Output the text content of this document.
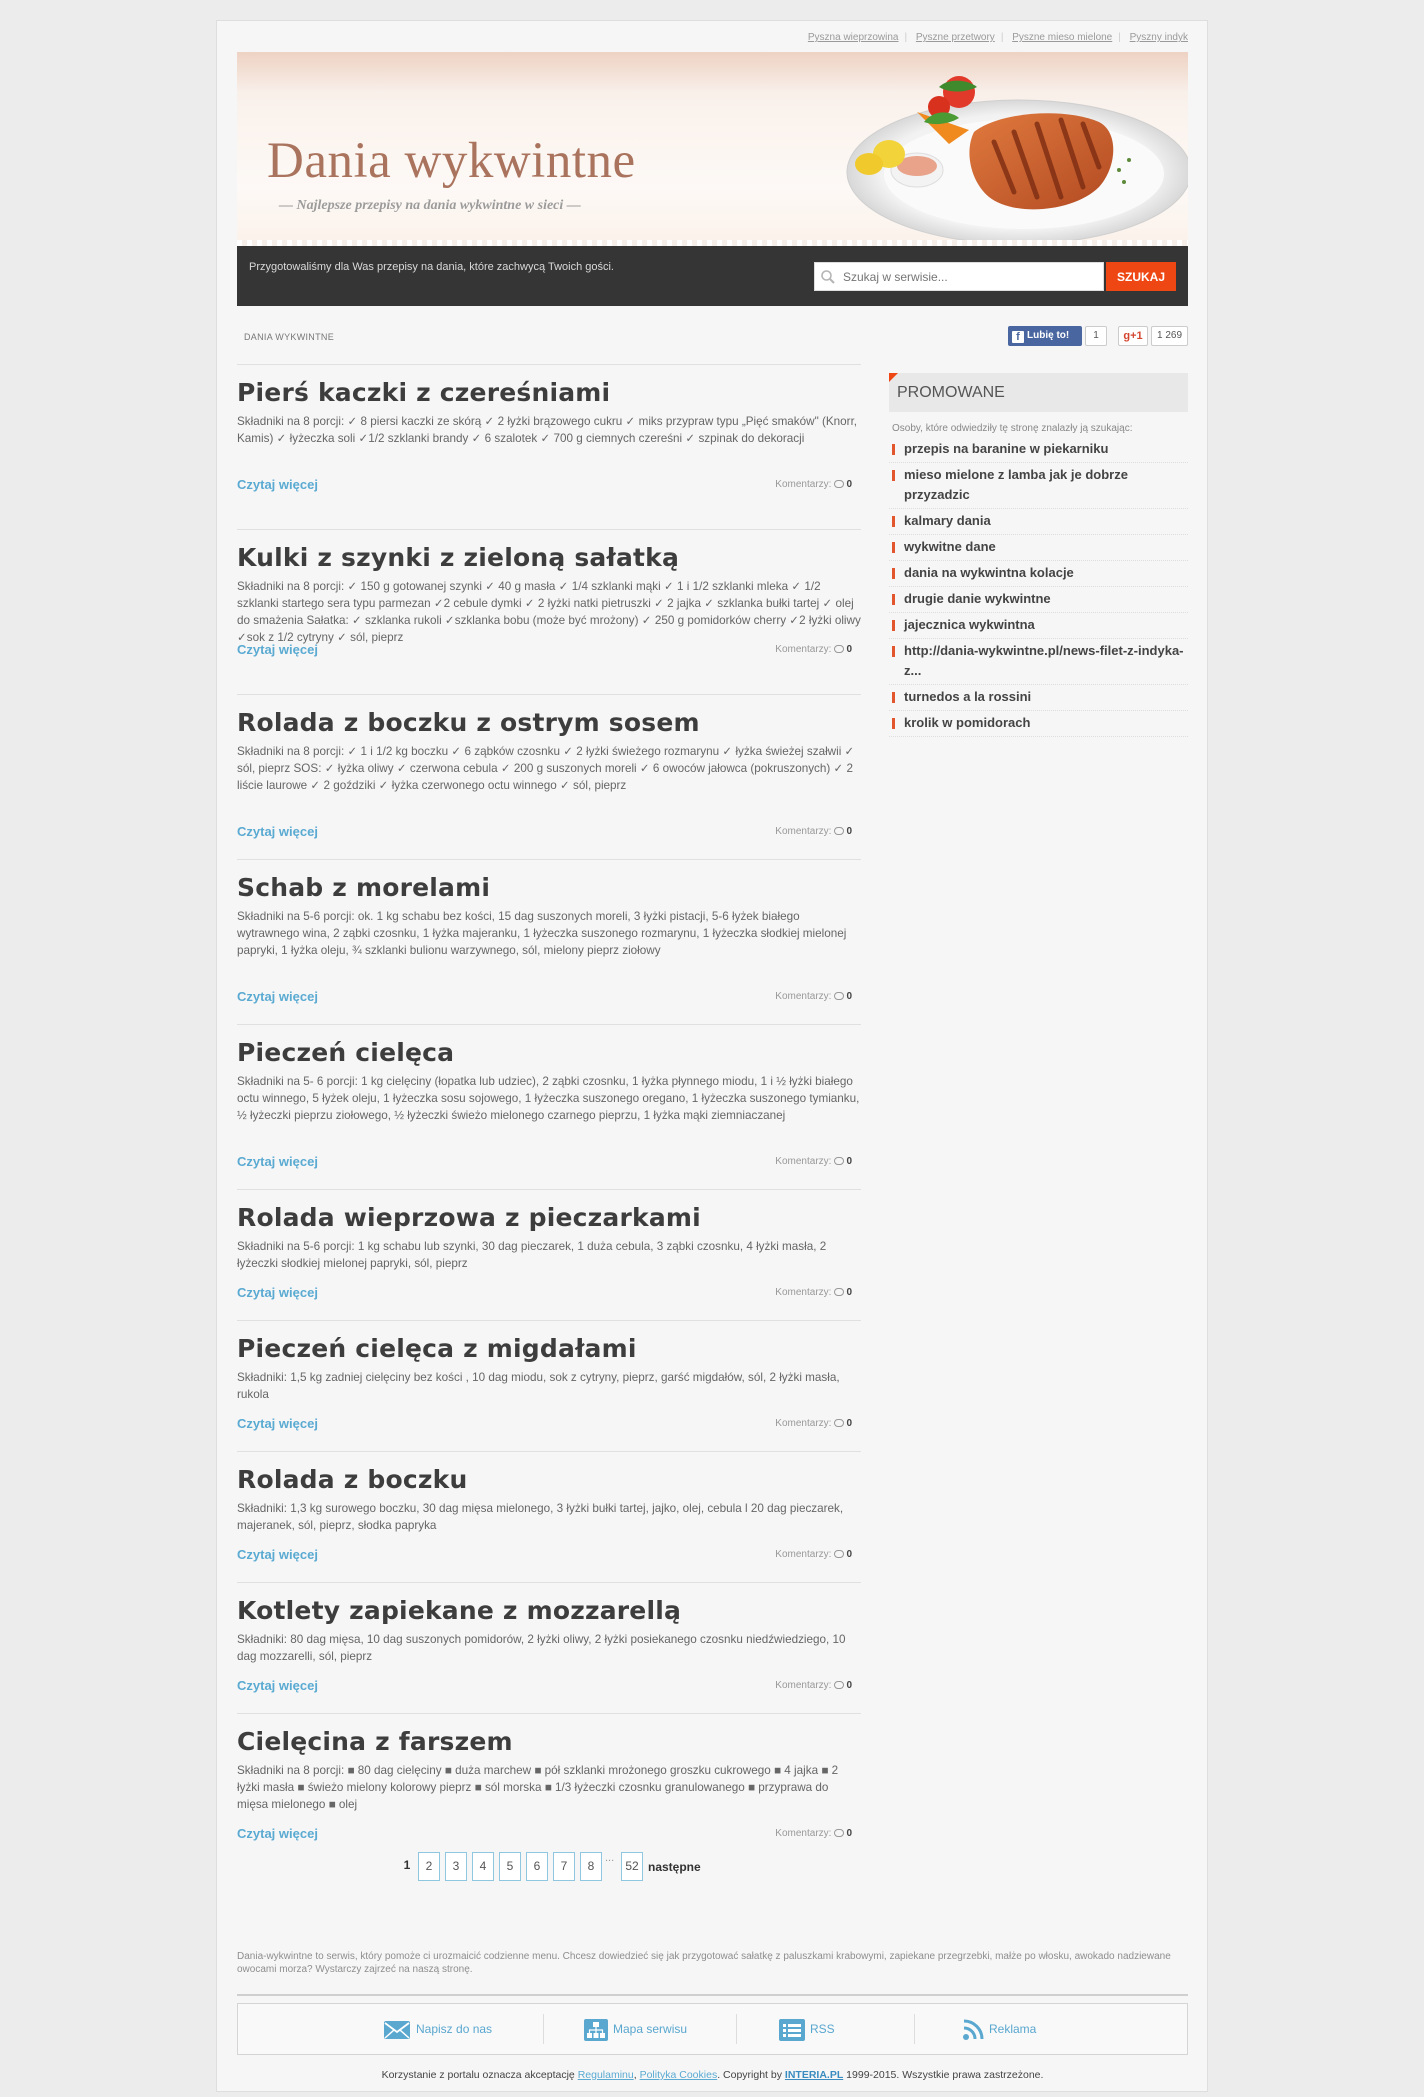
Pyszna wieprzowina | Pyszne przetwory | Pyszne mieso mielone | Pyszny indyk
Dania wykwintne
— Najlepsze przepisy na dania wykwintne w sieci —
Przygotowaliśmy dla Was przepisy na dania, które zachwycą Twoich gości.
Szukaj w serwisie...
SZUKAJ
DANIA WYKWINTNE	f Lubię to!	1	g+1	1 269
Pierś kaczki z czereśniami

Składniki na 8 porcji: ✓ 8 piersi kaczki ze skórą ✓ 2 łyżki brązowego cukru ✓ miks przypraw typu „Pięć smaków" (Knorr, Kamis) ✓ łyżeczka soli ✓1/2 szklanki brandy ✓ 6 szalotek ✓ 700 g ciemnych czereśni ✓ szpinak do dekoracji

Czytaj więcej	Komentarzy: 0
Kulki z szynki z zieloną sałatką

Składniki na 8 porcji: ✓ 150 g gotowanej szynki ✓ 40 g masła ✓ 1/4 szklanki mąki ✓ 1 i 1/2 szklanki mleka ✓ 1/2 szklanki startego sera typu parmezan ✓2 cebule dymki ✓ 2 łyżki natki pietruszki ✓ 2 jajka ✓ szklanka bułki tartej ✓ olej do smażenia Sałatka: ✓ szklanka rukoli ✓szklanka bobu (może być mrożony) ✓ 250 g pomidorków cherry ✓2 łyżki oliwy ✓sok z 1/2 cytryny ✓ sól, pieprz

Czytaj więcej	Komentarzy: 0
Rolada z boczku z ostrym sosem

Składniki na 8 porcji: ✓ 1 i 1/2 kg boczku ✓ 6 ząbków czosnku ✓ 2 łyżki świeżego rozmarynu ✓ łyżka świeżej szałwii ✓ sól, pieprz SOS: ✓ łyżka oliwy ✓ czerwona cebula ✓ 200 g suszonych moreli ✓ 6 owoców jałowca (pokruszonych) ✓ 2 liście laurowe ✓ 2 goździki ✓ łyżka czerwonego octu winnego ✓ sól, pieprz

Czytaj więcej	Komentarzy: 0
Schab z morelami

Składniki na 5-6 porcji: ok. 1 kg schabu bez kości, 15 dag suszonych moreli, 3 łyżki pistacji, 5-6 łyżek białego wytrawnego wina, 2 ząbki czosnku, 1 łyżka majeranku, 1 łyżeczka suszonego rozmarynu, 1 łyżeczka słodkiej mielonej papryki, 1 łyżka oleju, ¾ szklanki bulionu warzywnego, sól, mielony pieprz ziołowy

Czytaj więcej	Komentarzy: 0
Pieczeń cielęca

Składniki na 5- 6 porcji: 1 kg cielęciny (łopatka lub udziec), 2 ząbki czosnku, 1 łyżka płynnego miodu, 1 i ½ łyżki białego octu winnego, 5 łyżek oleju, 1 łyżeczka sosu sojowego, 1 łyżeczka suszonego oregano, 1 łyżeczka suszonego tymianku, ½ łyżeczki pieprzu ziołowego, ½ łyżeczki świeżo mielonego czarnego pieprzu, 1 łyżka mąki ziemniaczanej

Czytaj więcej	Komentarzy: 0
Rolada wieprzowa z pieczarkami

Składniki na 5-6 porcji: 1 kg schabu lub szynki, 30 dag pieczarek, 1 duża cebula, 3 ząbki czosnku, 4 łyżki masła, 2 łyżeczki słodkiej mielonej papryki, sól, pieprz

Czytaj więcej	Komentarzy: 0
Pieczeń cielęca z migdałami

Składniki: 1,5 kg zadniej cielęciny bez kości , 10 dag miodu, sok z cytryny, pieprz, garść migdałów, sól, 2 łyżki masła, rukola

Czytaj więcej	Komentarzy: 0
Rolada z boczku

Składniki: 1,3 kg surowego boczku, 30 dag mięsa mielonego, 3 łyżki bułki tartej, jajko, olej, cebula l 20 dag pieczarek, majeranek, sól, pieprz, słodka papryka

Czytaj więcej	Komentarzy: 0
Kotlety zapiekane z mozzarellą

Składniki: 80 dag mięsa, 10 dag suszonych pomidorów, 2 łyżki oliwy, 2 łyżki posiekanego czosnku niedźwiedziego, 10 dag mozzarelli, sól, pieprz

Czytaj więcej	Komentarzy: 0
Cielęcina z farszem

Składniki na 8 porcji: ■ 80 dag cielęciny ■ duża marchew ■ pół szklanki mrożonego groszku cukrowego ■ 4 jajka ■ 2 łyżki masła ■ świeżo mielony kolorowy pieprz ■ sól morska ■ 1/3 łyżeczki czosnku granulowanego ■ przyprawa do mięsa mielonego ■ olej

Czytaj więcej	Komentarzy: 0
1	2	3	4	5	6	7	8
...
52 następne
PROMOWANE
Osoby, które odwiedziły tę stronę znalazły ją szukając:
przepis na baranine w piekarniku
mieso mielone z lamba jak je dobrze przyzadzic
kalmary dania
wykwitne dane
dania na wykwintna kolacje
drugie danie wykwintne
jajecznica wykwintna
http://dania-wykwintne.pl/news-filet-z-indyka-z...
turnedos a la rossini
krolik w pomidorach
Dania-wykwintne to serwis, który pomoże ci urozmaicić codzienne menu. Chcesz dowiedzieć się jak przygotować sałatkę z paluszkami krabowymi, zapiekane przegrzebki, małże po włosku, awokado nadziewane owocami morza? Wystarczy zajrzeć na naszą stronę.
Napisz do nas	Mapa serwisu	RSS	Reklama
Korzystanie z portalu oznacza akceptację Regulaminu, Polityka Cookies. Copyright by INTERIA.PL 1999-2015. Wszystkie prawa zastrzeżone.
